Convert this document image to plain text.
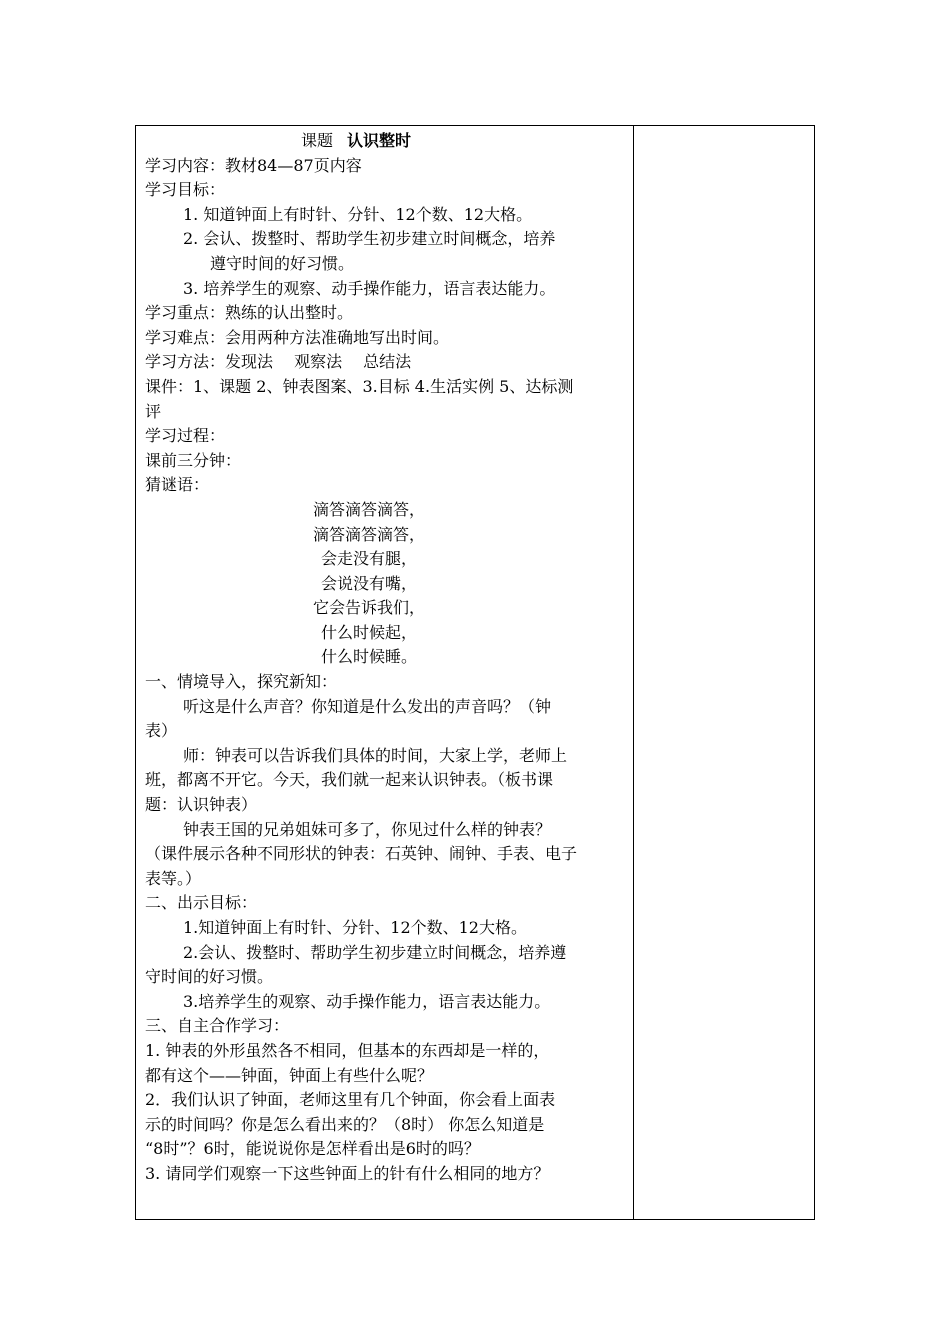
课题 认识整时
学习内容：教材84—87页内容
学习目标：
1. 知道钟面上有时针、分针、12个数、12大格。
2. 会认、拨整时、帮助学生初步建立时间概念，培养
遵守时间的好习惯。
3. 培养学生的观察、动手操作能力，语言表达能力。
学习重点：熟练的认出整时。
学习难点：会用两种方法准确地写出时间。
学习方法：发现法　 观察法　 总结法
课件：1、课题 2、钟表图案、3.目标 4.生活实例 5、达标测
评
学习过程：
课前三分钟：
猜谜语：
滴答滴答滴答，
滴答滴答滴答，
会走没有腿，
会说没有嘴，
它会告诉我们，
什么时候起，
什么时候睡。
一、情境导入，探究新知：
听这是什么声音？你知道是什么发出的声音吗？（钟
表）
师：钟表可以告诉我们具体的时间，大家上学，老师上
班，都离不开它。今天，我们就一起来认识钟表。（板书课
题：认识钟表）
钟表王国的兄弟姐妹可多了，你见过什么样的钟表？
（课件展示各种不同形状的钟表：石英钟、闹钟、手表、电子
表等。）
二、出示目标：
1.知道钟面上有时针、分针、12个数、12大格。
2.会认、拨整时、帮助学生初步建立时间概念，培养遵
守时间的好习惯。
3.培养学生的观察、动手操作能力，语言表达能力。
三、自主合作学习：
1. 钟表的外形虽然各不相同，但基本的东西却是一样的，
都有这个——钟面，钟面上有些什么呢？
2．我们认识了钟面，老师这里有几个钟面，你会看上面表
示的时间吗？你是怎么看出来的？（8时） 你怎么知道是
“8时”？6时，能说说你是怎样看出是6时的吗？
3. 请同学们观察一下这些钟面上的针有什么相同的地方？
